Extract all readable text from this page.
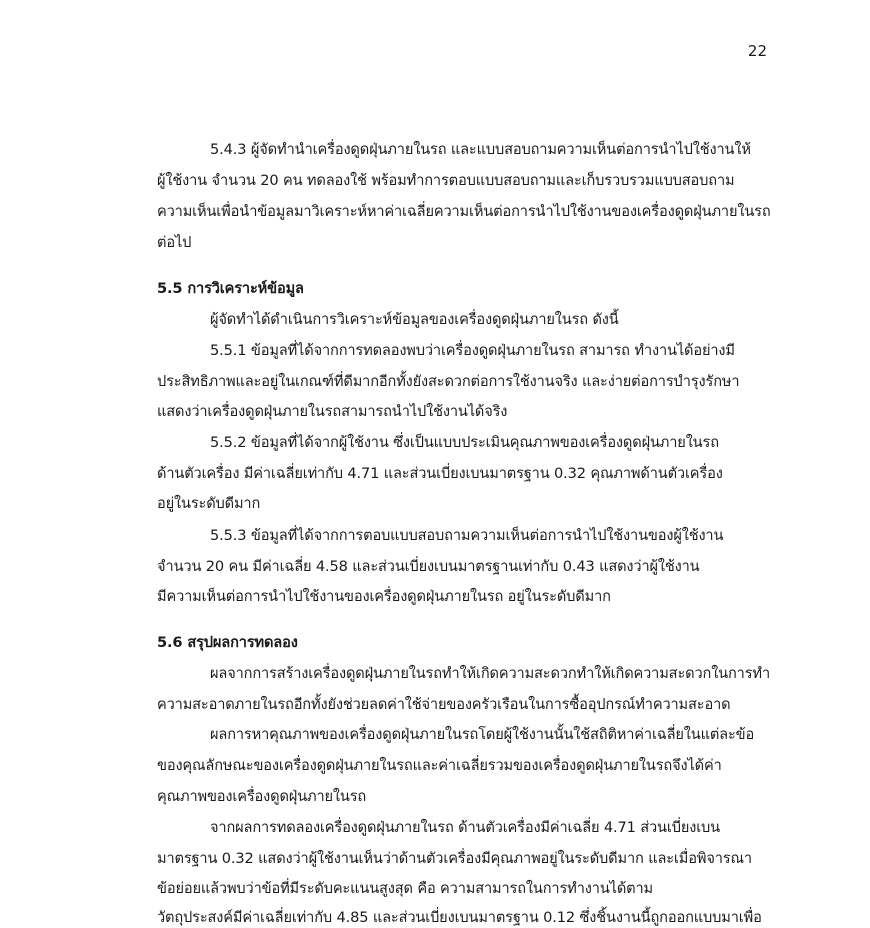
22
5.4.3 ผู้จัดทำนำเครื่องดูดฝุ่นภายในรถ และแบบสอบถามความเห็นต่อการนำไปใช้งานให้
ผู้ใช้งาน จำนวน 20 คน ทดลองใช้ พร้อมทำการตอบแบบสอบถามและเก็บรวบรวมแบบสอบถาม
ความเห็นเพื่อนำข้อมูลมาวิเคราะห์หาค่าเฉลี่ยความเห็นต่อการนำไปใช้งานของเครื่องดูดฝุ่นภายในรถ
ต่อไป
5.5 การวิเคราะห์ข้อมูล
ผู้จัดทำได้ดำเนินการวิเคราะห์ข้อมูลของเครื่องดูดฝุ่นภายในรถ ดังนี้
5.5.1 ข้อมูลที่ได้จากการทดลองพบว่าเครื่องดูดฝุ่นภายในรถ สามารถ ทำงานได้อย่างมี
ประสิทธิภาพและอยู่ในเกณฑ์ที่ดีมากอีกทั้งยังสะดวกต่อการใช้งานจริง และง่ายต่อการบำรุงรักษา
แสดงว่าเครื่องดูดฝุ่นภายในรถสามารถนำไปใช้งานได้จริง
5.5.2 ข้อมูลที่ได้จากผู้ใช้งาน ซึ่งเป็นแบบประเมินคุณภาพของเครื่องดูดฝุ่นภายในรถ
ด้านตัวเครื่อง มีค่าเฉลี่ยเท่ากับ 4.71 และส่วนเบี่ยงเบนมาตรฐาน 0.32 คุณภาพด้านตัวเครื่อง
อยู่ในระดับดีมาก
5.5.3 ข้อมูลที่ได้จากการตอบแบบสอบถามความเห็นต่อการนำไปใช้งานของผู้ใช้งาน
จำนวน 20 คน มีค่าเฉลี่ย 4.58 และส่วนเบี่ยงเบนมาตรฐานเท่ากับ 0.43 แสดงว่าผู้ใช้งาน
มีความเห็นต่อการนำไปใช้งานของเครื่องดูดฝุ่นภายในรถ อยู่ในระดับดีมาก
5.6 สรุปผลการทดลอง
ผลจากการสร้างเครื่องดูดฝุ่นภายในรถทำให้เกิดความสะดวกทำให้เกิดความสะดวกในการทำ
ความสะอาดภายในรถอีกทั้งยังช่วยลดค่าใช้จ่ายของครัวเรือนในการซื้ออุปกรณ์ทำความสะอาด
ผลการหาคุณภาพของเครื่องดูดฝุ่นภายในรถโดยผู้ใช้งานนั้นใช้สถิติหาค่าเฉลี่ยในแต่ละข้อ
ของคุณลักษณะของเครื่องดูดฝุ่นภายในรถและค่าเฉลี่ยรวมของเครื่องดูดฝุ่นภายในรถจึงได้ค่า
คุณภาพของเครื่องดูดฝุ่นภายในรถ
จากผลการทดลองเครื่องดูดฝุ่นภายในรถ ด้านตัวเครื่องมีค่าเฉลี่ย 4.71 ส่วนเบี่ยงเบน
มาตรฐาน 0.32 แสดงว่าผู้ใช้งานเห็นว่าด้านตัวเครื่องมีคุณภาพอยู่ในระดับดีมาก และเมื่อพิจารณา
ข้อย่อยแล้วพบว่าข้อที่มีระดับคะแนนสูงสุด คือ ความสามารถในการทำงานได้ตาม
วัตถุประสงค์มีค่าเฉลี่ยเท่ากับ 4.85 และส่วนเบี่ยงเบนมาตรฐาน 0.12 ซึ่งชิ้นงานนี้ถูกออกแบบมาเพื่อ
